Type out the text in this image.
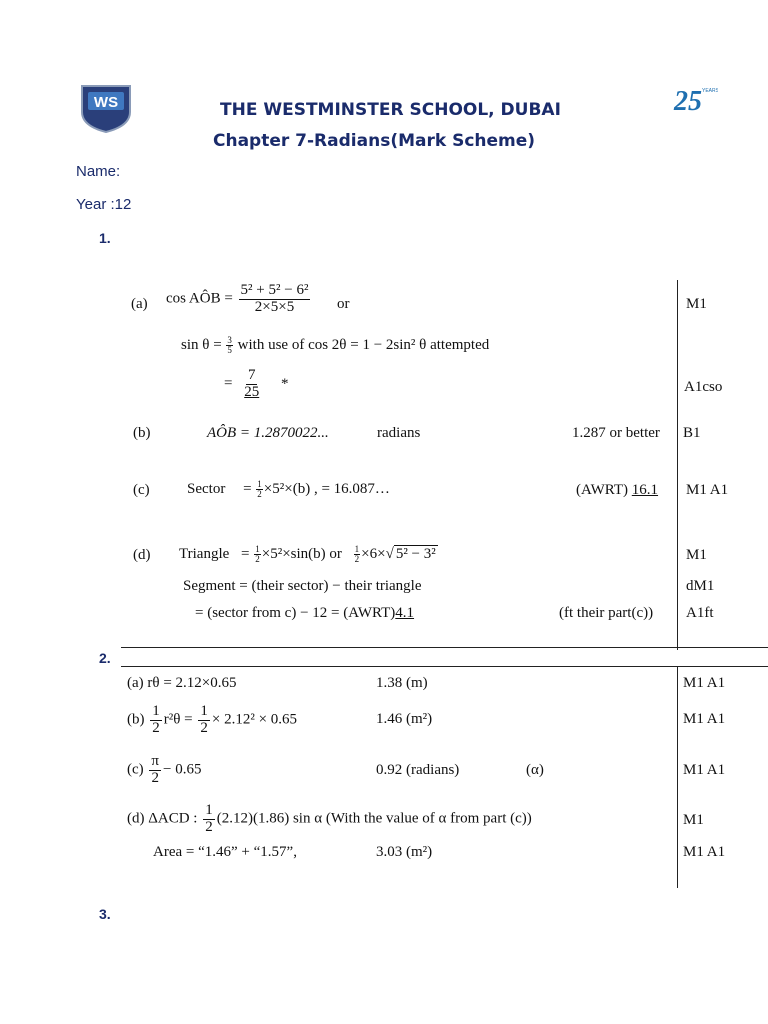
WS	25 YEARS
THE WESTMINSTER SCHOOL, DUBAI
Chapter 7-Radians(Mark Scheme)
Name:
Year :12
1.
(a) cos AÔB = $\frac{\text{5² + 5² − 6²}}{2\times 5\times 5}$ or	M1
$\sin \theta = \frac{3}{5}$ with use of cos 2θ = 1 − 2sin² θ attempted
= $\frac{7}{25}$ *	A1cso
(b)	AÔB = 1.2870022...	radians	1.287 or better B1
(c) Sector = $\frac{1}{2} \times 5^2\times(b)$ , = 16.087…	(AWRT) 16.1 M1 A1
(d) Triangle = $\frac{1}{2} \times 5^2\times\sin(b)$ or $\frac{1}{2} \times 6\times√$ 5² − 3²	M1
Segment = (their sector) − their triangle	dM1
= (sector from c) − 12 = (AWRT)4.1	(ft their part(c)) A1ft
2.
(a) rθ = 2.12×0.65	1.38 (m)	M1 A1
$(b) \frac{1}{2} r^2\theta = \frac{1}{2} \times 2.12^2 \times 0.65$	1.46 (m²)	M1 A1
$(c) \frac{\pi}{2} - 0.65$	0.92 (radians)	(α)	M1 A1
(d) ΔACD : $\frac{1}{2} (2.12)(1.86)$ sin α (With the value of α from part (c))	M1
Area = “1.46” + “1.57”,	3.03 (m²)	M1 A1
3.
